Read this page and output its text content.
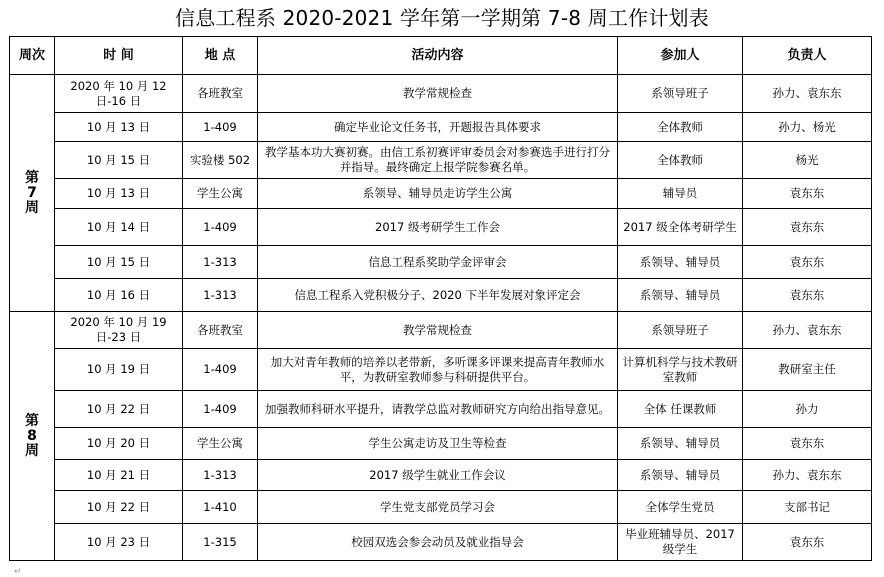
信息工程系 2020-2021 学年第一学期第 7-8 周工作计划表
周次	时 间	地 点	活动内容	参加人	负责人
第
7
周	2020 年 10 月 12 日-16 日	各班教室	教学常规检查	系领导班子	孙力、袁东东
	10 月 13 日	1-409	确定毕业论文任务书，开题报告具体要求	全体教师	孙力、杨光
	10 月 15 日	实验楼 502	教学基本功大赛初赛。由信工系初赛评审委员会对参赛选手进行打分并指导。最终确定上报学院参赛名单。	全体教师	杨光
	10 月 13 日	学生公寓	系领导、辅导员走访学生公寓	辅导员	袁东东
	10 月 14 日	1-409	2017 级考研学生工作会	2017 级全体考研学生	袁东东
	10 月 15 日	1-313	信息工程系奖助学金评审会	系领导、辅导员	袁东东
	10 月 16 日	1-313	信息工程系入党积极分子、2020 下半年发展对象评定会	系领导、辅导员	袁东东
第
8
周	2020 年 10 月 19 日-23 日	各班教室	教学常规检查	系领导班子	孙力、袁东东
	10 月 19 日	1-409	加大对青年教师的培养以老带新，多听课多评课来提高青年教师水平，为教研室教师参与科研提供平台。	计算机科学与技术教研室教师	教研室主任
	10 月 22 日	1-409	加强教师科研水平提升，请教学总监对教师研究方向给出指导意见。	全体 任课教师	孙力
	10 月 20 日	学生公寓	学生公寓走访及卫生等检查	系领导、辅导员	袁东东
	10 月 21 日	1-313	2017 级学生就业工作会议	系领导、辅导员	孙力、袁东东
	10 月 22 日	1-410	学生党支部党员学习会	全体学生党员	支部书记
	10 月 23 日	1-315	校园双选会参会动员及就业指导会	毕业班辅导员、2017 级学生	袁东东
↵
